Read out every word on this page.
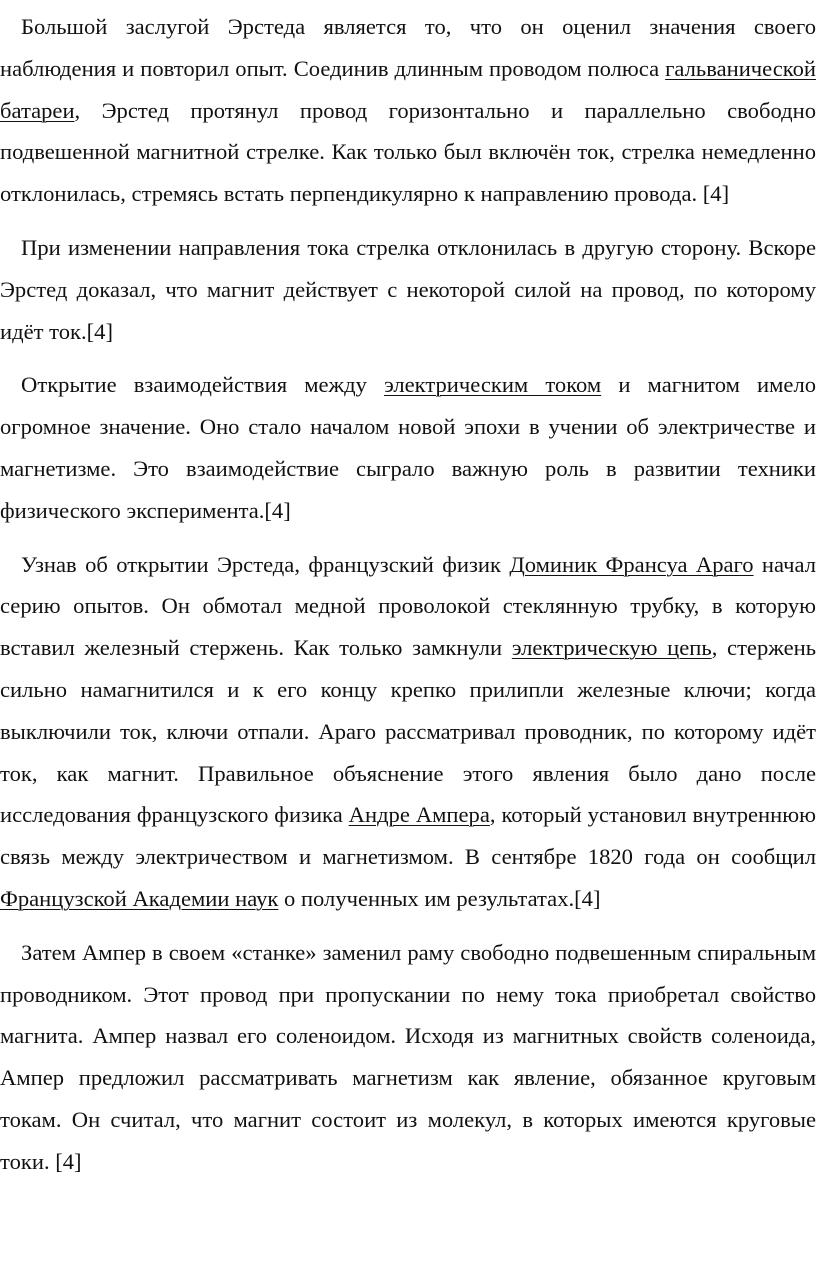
Большой заслугой Эрстеда является то, что он оценил значения своего наблюдения и повторил опыт. Соединив длинным проводом полюса гальванической батареи, Эрстед протянул провод горизонтально и параллельно свободно подвешенной магнитной стрелке. Как только был включён ток, стрелка немедленно отклонилась, стремясь встать перпендикулярно к направлению провода. [4]

При изменении направления тока стрелка отклонилась в другую сторону. Вскоре Эрстед доказал, что магнит действует с некоторой силой на провод, по которому идёт ток.[4]

Открытие взаимодействия между электрическим током и магнитом имело огромное значение. Оно стало началом новой эпохи в учении об электричестве и магнетизме. Это взаимодействие сыграло важную роль в развитии техники физического эксперимента.[4]

Узнав об открытии Эрстеда, французский физик Доминик Франсуа Араго начал серию опытов. Он обмотал медной проволокой стеклянную трубку, в которую вставил железный стержень. Как только замкнули электрическую цепь, стержень сильно намагнитился и к его концу крепко прилипли железные ключи; когда выключили ток, ключи отпали. Араго рассматривал проводник, по которому идёт ток, как магнит. Правильное объяснение этого явления было дано после исследования французского физика Андре Ампера, который установил внутреннюю связь между электричеством и магнетизмом. В сентябре 1820 года он сообщил Французской Академии наук о полученных им результатах.[4]

Затем Ампер в своем «станке» заменил раму свободно подвешенным спиральным проводником. Этот провод при пропускании по нему тока приобретал свойство магнита. Ампер назвал его соленоидом. Исходя из магнитных свойств соленоида, Ампер предложил рассматривать магнетизм как явление, обязанное круговым токам. Он считал, что магнит состоит из молекул, в которых имеются круговые токи. [4]
